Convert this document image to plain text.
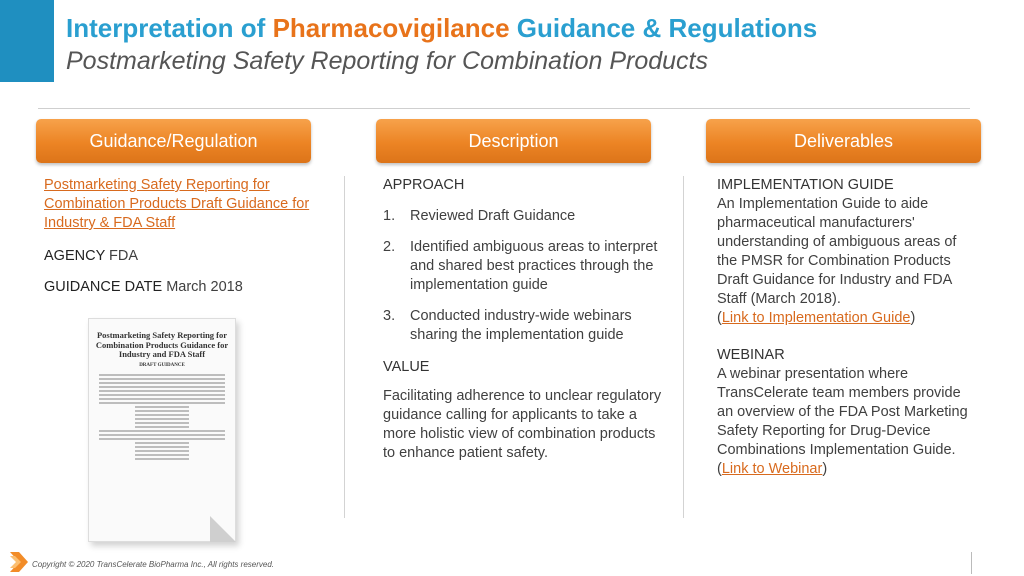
Interpretation of Pharmacovigilance Guidance & Regulations
Postmarketing Safety Reporting for Combination Products
Guidance/Regulation	Description	Deliverables

Postmarketing Safety Reporting for Combination Products Draft Guidance for Industry & FDA Staff

AGENCY FDA

GUIDANCE DATE March 2018

Postmarketing Safety Reporting for Combination Products Guidance for Industry and FDA Staff
DRAFT GUIDANCE
APPROACH
1.	Reviewed Draft Guidance
2.	Identified ambiguous areas to interpret and shared best practices through the implementation guide
3.	Conducted industry-wide webinars sharing the implementation guide
VALUE
Facilitating adherence to unclear regulatory guidance calling for applicants to take a more holistic view of combination products to enhance patient safety.
IMPLEMENTATION GUIDE
An Implementation Guide to aide pharmaceutical manufacturers' understanding of ambiguous areas of the PMSR for Combination Products Draft Guidance for Industry and FDA Staff (March 2018).
(Link to Implementation Guide)
WEBINAR
A webinar presentation where TransCelerate team members provide an overview of the FDA Post Marketing Safety Reporting for Drug-Device Combinations Implementation Guide.
(Link to Webinar)
Copyright © 2020 TransCelerate BioPharma Inc., All rights reserved.
